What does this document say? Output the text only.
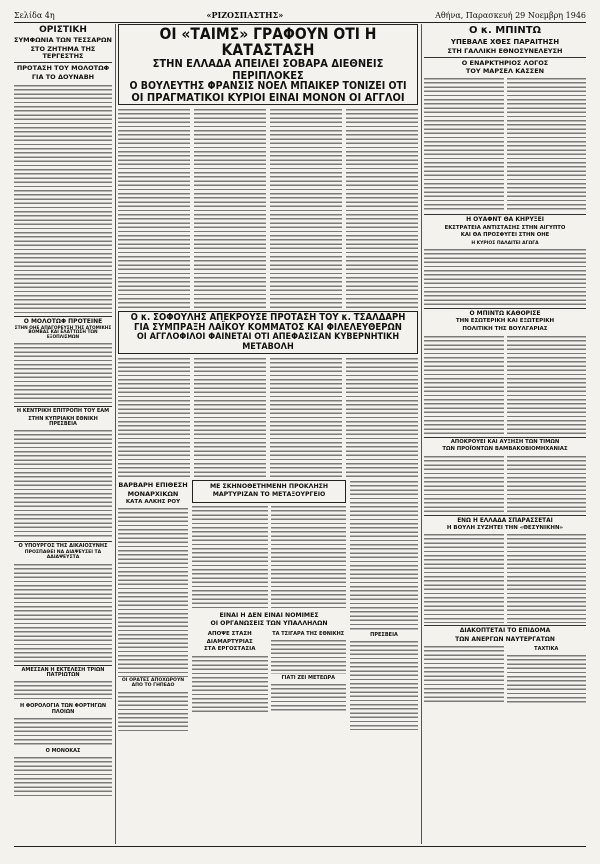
Σελίδα 4η	«ΡΙΖΟΣΠΑΣΤΗΣ»	Αθήνα, Παρασκευή 29 Νοεμβρη 1946
ΟΡΙΣΤΙΚΗ
ΣΥΜΦΩΝΙΑ ΤΩΝ ΤΕΣΣΑΡΩΝ
ΣΤΟ ΖΗΤΗΜΑ ΤΗΣ ΤΕΡΓΕΣΤΗΣ
ΠΡΟΤΑΣΗ ΤΟΥ ΜΟΛΟΤΩΦ
ΓΙΑ ΤΟ ΔΟΥΝΑΒΗ
Ο ΜΟΛΟΤΩΦ ΠΡΟΤΕΙΝΕ
ΣΤΗΝ ΟΗΕ ΑΠΑΓΟΡΕΥΣΗ ΤΗΣ ΑΤΟΜΙΚΗΣ ΒΟΜΒΑΣ ΚΑΙ ΕΛΑΤΤΩΣΗ ΤΩΝ ΕΞΟΠΛΙΣΜΩΝ
Η ΚΕΝΤΡΙΚΗ ΕΠΙΤΡΟΠΗ ΤΟΥ ΕΑΜ
ΣΤΗΝ ΚΥΠΡΙΑΚΗ ΕΘΝΙΚΗ ΠΡΕΣΒΕΙΑ
Ο ΥΠΟΥΡΓΟΣ ΤΗΣ ΔΙΚΑΙΟΣΥΝΗΣ
ΠΡΟΣΠΑΘΕΙ ΝΑ ΔΙΑΨΕΥΣΕΙ ΤΑ ΑΔΙΑΨΕΥΣΤΑ
ΑΜΕΣΣΑΝ Η ΕΚΤΕΛΕΣΗ ΤΡΙΩΝ ΠΑΤΡΙΩΤΩΝ
Η ΦΟΡΟΛΟΓΙΑ ΤΩΝ ΦΟΡΤΗΓΩΝ ΠΛΟΙΩΝ
Ο ΜΟΝΟΚΑΣ
ΟΙ «ΤΑΙΜΣ» ΓΡΑΦΟΥΝ ΟΤΙ Η ΚΑΤΑΣΤΑΣΗ
ΣΤΗΝ ΕΛΛΑΔΑ ΑΠΕΙΛΕΙ ΣΟΒΑΡΑ ΔΙΕΘΝΕΙΣ ΠΕΡΙΠΛΟΚΕΣ
Ο ΒΟΥΛΕΥΤΗΣ ΦΡΑΝΣΙΣ ΝΟΕΛ ΜΠΑΙΚΕΡ ΤΟΝΙΖΕΙ ΟΤΙ
ΟΙ ΠΡΑΓΜΑΤΙΚΟΙ ΚΥΡΙΟΙ ΕΙΝΑΙ ΜΟΝΟΝ ΟΙ ΑΓΓΛΟΙ
Ο κ. ΣΟΦΟΥΛΗΣ ΑΠΕΚΡΟΥΣΕ ΠΡΟΤΑΣΗ ΤΟΥ κ. ΤΣΑΛΔΑΡΗ
ΓΙΑ ΣΥΜΠΡΑΞΗ ΛΑΪΚΟΥ ΚΟΜΜΑΤΟΣ ΚΑΙ ΦΙΛΕΛΕΥΘΕΡΩΝ
ΟΙ ΑΓΓΛΟΦΙΛΟΙ ΦΑΙΝΕΤΑΙ ΟΤΙ ΑΠΕΦΑΣΙΣΑΝ ΚΥΒΕΡΝΗΤΙΚΗ ΜΕΤΑΒΟΛΗ
ΒΑΡΒΑΡΗ ΕΠΙΘΕΣΗ
ΜΟΝΑΡΧΙΚΩΝ
ΚΑΤΑ ΑΛΚΗΣ ΡΟΥ
ΟΙ ΟΡΑΤΕΣ ΑΠΟΧΩΡΟΥΝ ΑΠΟ ΤΟ ΓΗΠΕΔΟ
ΜΕ ΣΚΗΝΟΘΕΤΗΜΕΝΗ ΠΡΟΚΛΗΣΗ
ΜΑΡΤΥΡΙΖΑΝ ΤΟ ΜΕΤΑΞΟΥΡΓΕΙΟ
ΕΙΝΑΙ Η ΔΕΝ ΕΙΝΑΙ ΝΟΜΙΜΕΣ
ΟΙ ΟΡΓΑΝΩΣΕΙΣ ΤΩΝ ΥΠΑΛΛΗΛΩΝ
ΑΠΟΨΕ ΣΤΑΣΗ
ΔΙΑΜΑΡΤΥΡΙΑΣ
ΣΤΑ ΕΡΓΟΣΤΑΣΙΑ
ΤΑ ΤΣΙΓΑΡΑ ΤΗΣ ΕΘΝΙΚΗΣ
ΓΙΑΤΙ ΖΕΙ ΜΕΤΕΩΡΑ
ΠΡΕΣΒΕΙΑ
Ο κ. ΜΠΙΝΤΩ
ΥΠΕΒΑΛΕ ΧΘΕΣ ΠΑΡΑΙΤΗΣΗ
ΣΤΗ ΓΑΛΛΙΚΗ ΕΘΝΟΣΥΝΕΛΕΥΣΗ
Ο ΕΝΑΡΚΤΗΡΙΟΣ ΛΟΓΟΣ
ΤΟΥ ΜΑΡΣΕΛ ΚΑΣΣΕΝ
Η ΟΥΑΦΝΤ ΘΑ ΚΗΡΥΞΕΙ
ΕΚΣΤΡΑΤΕΙΑ ΑΝΤΙΣΤΑΣΗΣ ΣΤΗΝ ΑΙΓΥΠΤΟ
ΚΑΙ ΘΑ ΠΡΟΣΦΥΓΕΙ ΣΤΗΝ ΟΗΕ
Η ΚΥΡΙΟΣ ΠΑΛΑΙΤΕΙ ΑΓΩΓΑ
Ο ΜΠΙΝΤΩ ΚΑΘΟΡΙΣΕ
ΤΗΝ ΕΣΩΤΕΡΙΚΗ ΚΑΙ ΕΞΩΤΕΡΙΚΗ
ΠΟΛΙΤΙΚΗ ΤΗΣ ΒΟΥΛΓΑΡΙΑΣ
ΑΠΟΚΡΟΥΕΙ ΚΑΙ ΑΥΞΗΣΗ ΤΩΝ ΤΙΜΩΝ
ΤΩΝ ΠΡΟΪΟΝΤΩΝ ΒΑΜΒΑΚΟΒΙΟΜΗΧΑΝΙΑΣ
ΕΝΩ Η ΕΛΛΑΔΑ ΣΠΑΡΑΣΣΕΤΑΙ
Η ΒΟΥΛΗ ΣΥΖΗΤΕΙ ΤΗΝ «ΘΕΣΥΝΙΚΗΝ»
ΔΙΑΚΟΠΤΕΤΑΙ ΤΟ ΕΠΙΔΟΜΑ
ΤΩΝ ΑΝΕΡΓΩΝ ΝΑΥΤΕΡΓΑΤΩΝ
ΤΑΧΤΙΚΑ
